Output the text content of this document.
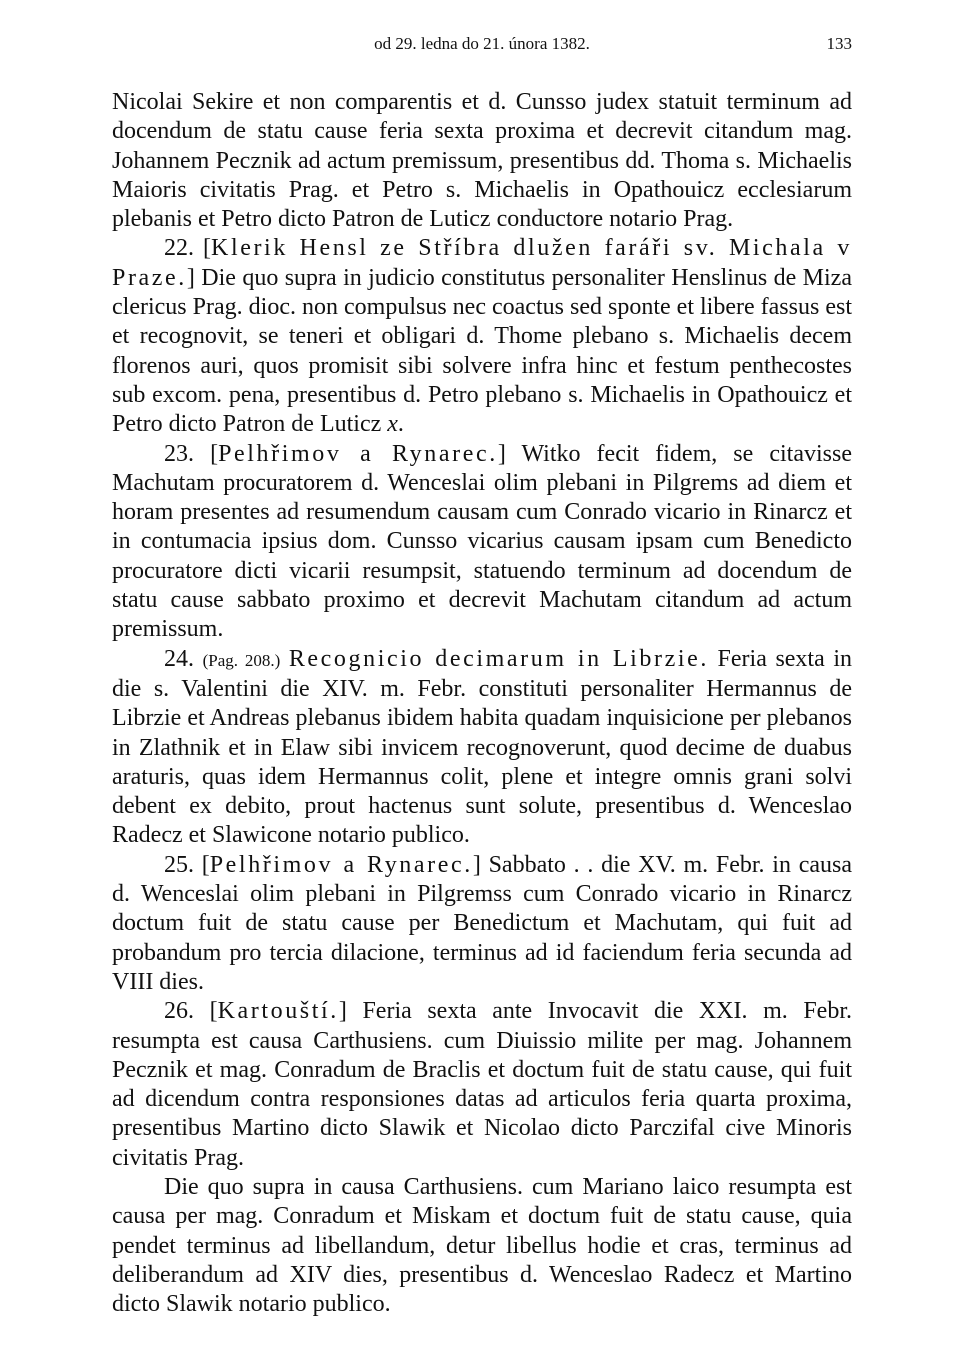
od 29. ledna do 21. února 1382.	133

Nicolai Sekire et non comparentis et d. Cunsso judex statuit terminum ad docendum de statu cause feria sexta proxima et decrevit citandum mag. Johannem Pecznik ad actum premissum, presentibus dd. Thoma s. Michaelis Maioris civitatis Prag. et Petro s. Michaelis in Opathouicz ecclesiarum plebanis et Petro dicto Patron de Luticz conductore notario Prag.

22. [Klerik Hensl ze Stříbra dlužen faráři sv. Michala v Praze.] Die quo supra in judicio constitutus personaliter Henslinus de Miza clericus Prag. dioc. non compulsus nec coactus sed sponte et libere fassus est et recognovit, se teneri et obligari d. Thome plebano s. Michaelis decem florenos auri, quos promisit sibi solvere infra hinc et festum penthecostes sub excom. pena, presentibus d. Petro plebano s. Michaelis in Opathouicz et Petro dicto Patron de Luticz x.

23. [Pelhřimov a Rynarec.] Witko fecit fidem, se citavisse Machutam procuratorem d. Wenceslai olim plebani in Pilgrems ad diem et horam presentes ad resumendum causam cum Conrado vicario in Rinarcz et in contumacia ipsius dom. Cunsso vicarius causam ipsam cum Benedicto procuratore dicti vicarii resumpsit, statuendo terminum ad docendum de statu cause sabbato proximo et decrevit Machutam citandum ad actum premissum.

24. (Pag. 208.) Recognicio decimarum in Librzie. Feria sexta in die s. Valentini die XIV. m. Febr. constituti personaliter Hermannus de Librzie et Andreas plebanus ibidem habita quadam inquisicione per plebanos in Zlathnik et in Elaw sibi invicem recognoverunt, quod decime de duabus araturis, quas idem Hermannus colit, plene et integre omnis grani solvi debent ex debito, prout hactenus sunt solute, presentibus d. Wenceslao Radecz et Slawicone notario publico.

25. [Pelhřimov a Rynarec.] Sabbato . . die XV. m. Febr. in causa d. Wenceslai olim plebani in Pilgremss cum Conrado vicario in Rinarcz doctum fuit de statu cause per Benedictum et Machutam, qui fuit ad probandum pro tercia dilacione, terminus ad id faciendum feria secunda ad VIII dies.

26. [Kartouští.] Feria sexta ante Invocavit die XXI. m. Febr. resumpta est causa Carthusiens. cum Diuissio milite per mag. Johannem Pecznik et mag. Conradum de Braclis et doctum fuit de statu cause, qui fuit ad dicendum contra responsiones datas ad articulos feria quarta proxima, presentibus Martino dicto Slawik et Nicolao dicto Parczifal cive Minoris civitatis Prag.

Die quo supra in causa Carthusiens. cum Mariano laico resumpta est causa per mag. Conradum et Miskam et doctum fuit de statu cause, quia pendet terminus ad libellandum, detur libellus hodie et cras, terminus ad deliberandum ad XIV dies, presentibus d. Wenceslao Radecz et Martino dicto Slawik notario publico.
